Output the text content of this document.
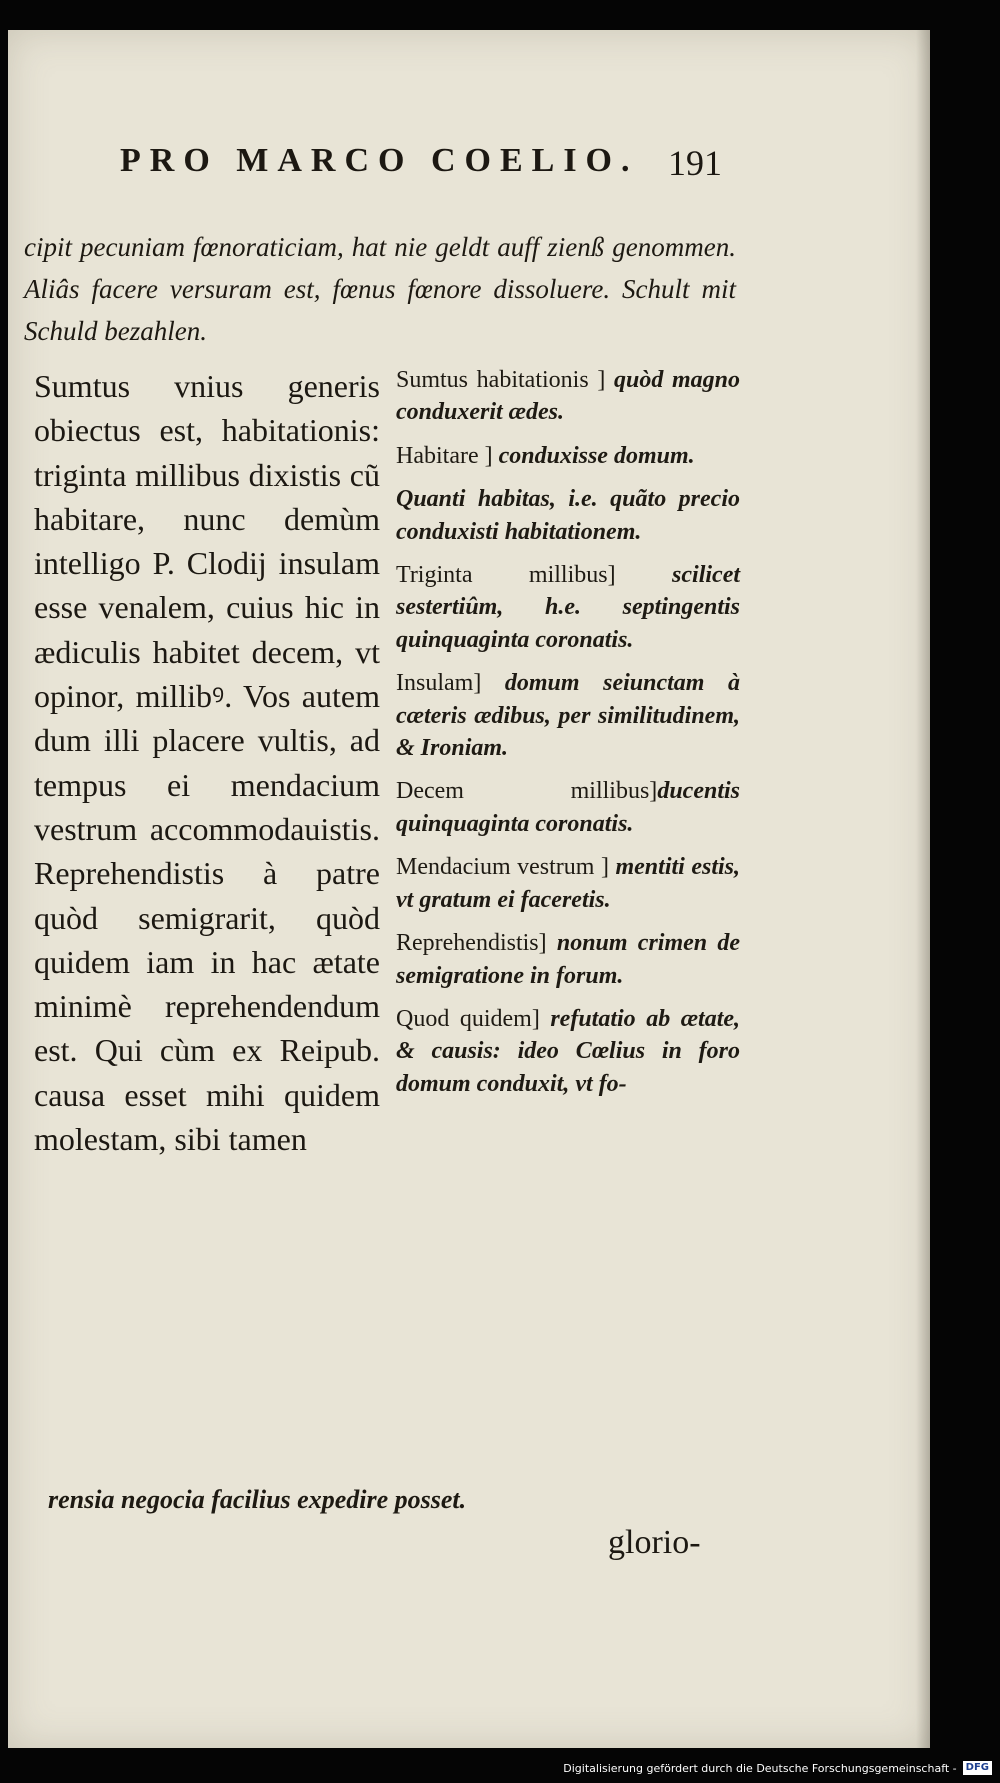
PRO MARCO COELIO. 191

cipit pecuniam fœnoraticiam, hat nie geldt auff zienß genommen. Aliâs facere versuram est, fœnus fœnore dissoluere. Schult mit Schuld bezahlen.

Sumtus vnius generis obiectus est, habitationis: triginta millibus dixistis cũ habitare, nunc demùm intelligo P. Clodij insulam esse venalem, cuius hic in ædiculis habitet decem, vt opinor, millibꝰ. Vos autem dum illi placere vultis, ad tempus ei mendacium vestrum accommodauistis. Reprehendistis à patre quòd semigrarit, quòd quidem iam in hac ætate minimè reprehendendum est. Qui cùm ex Reipub. causa esset mihi quidem molestam, sibi tamen

Sumtus habitationis ] quòd magno conduxerit ædes.
Habitare ] conduxisse domum.
Quanti habitas, i.e. quãto precio conduxisti habitationem.
Triginta millibus] scilicet sestertiûm, h.e. septingentis quinquaginta coronatis.
Insulam] domum seiunctam à cæteris ædibus, per similitudinem, & Ironiam.
Decem millibus]ducentis quinquaginta coronatis.
Mendacium vestrum ] mentiti estis, vt gratum ei faceretis.
Reprehendistis] nonum crimen de semigratione in forum.
Quod quidem] refutatio ab ætate, & causis: ideo Cœlius in foro domum conduxit, vt fo-

rensia negocia facilius expedire posset.

glorio-

Digitalisierung gefördert durch die Deutsche Forschungsgemeinschaft - DFG
